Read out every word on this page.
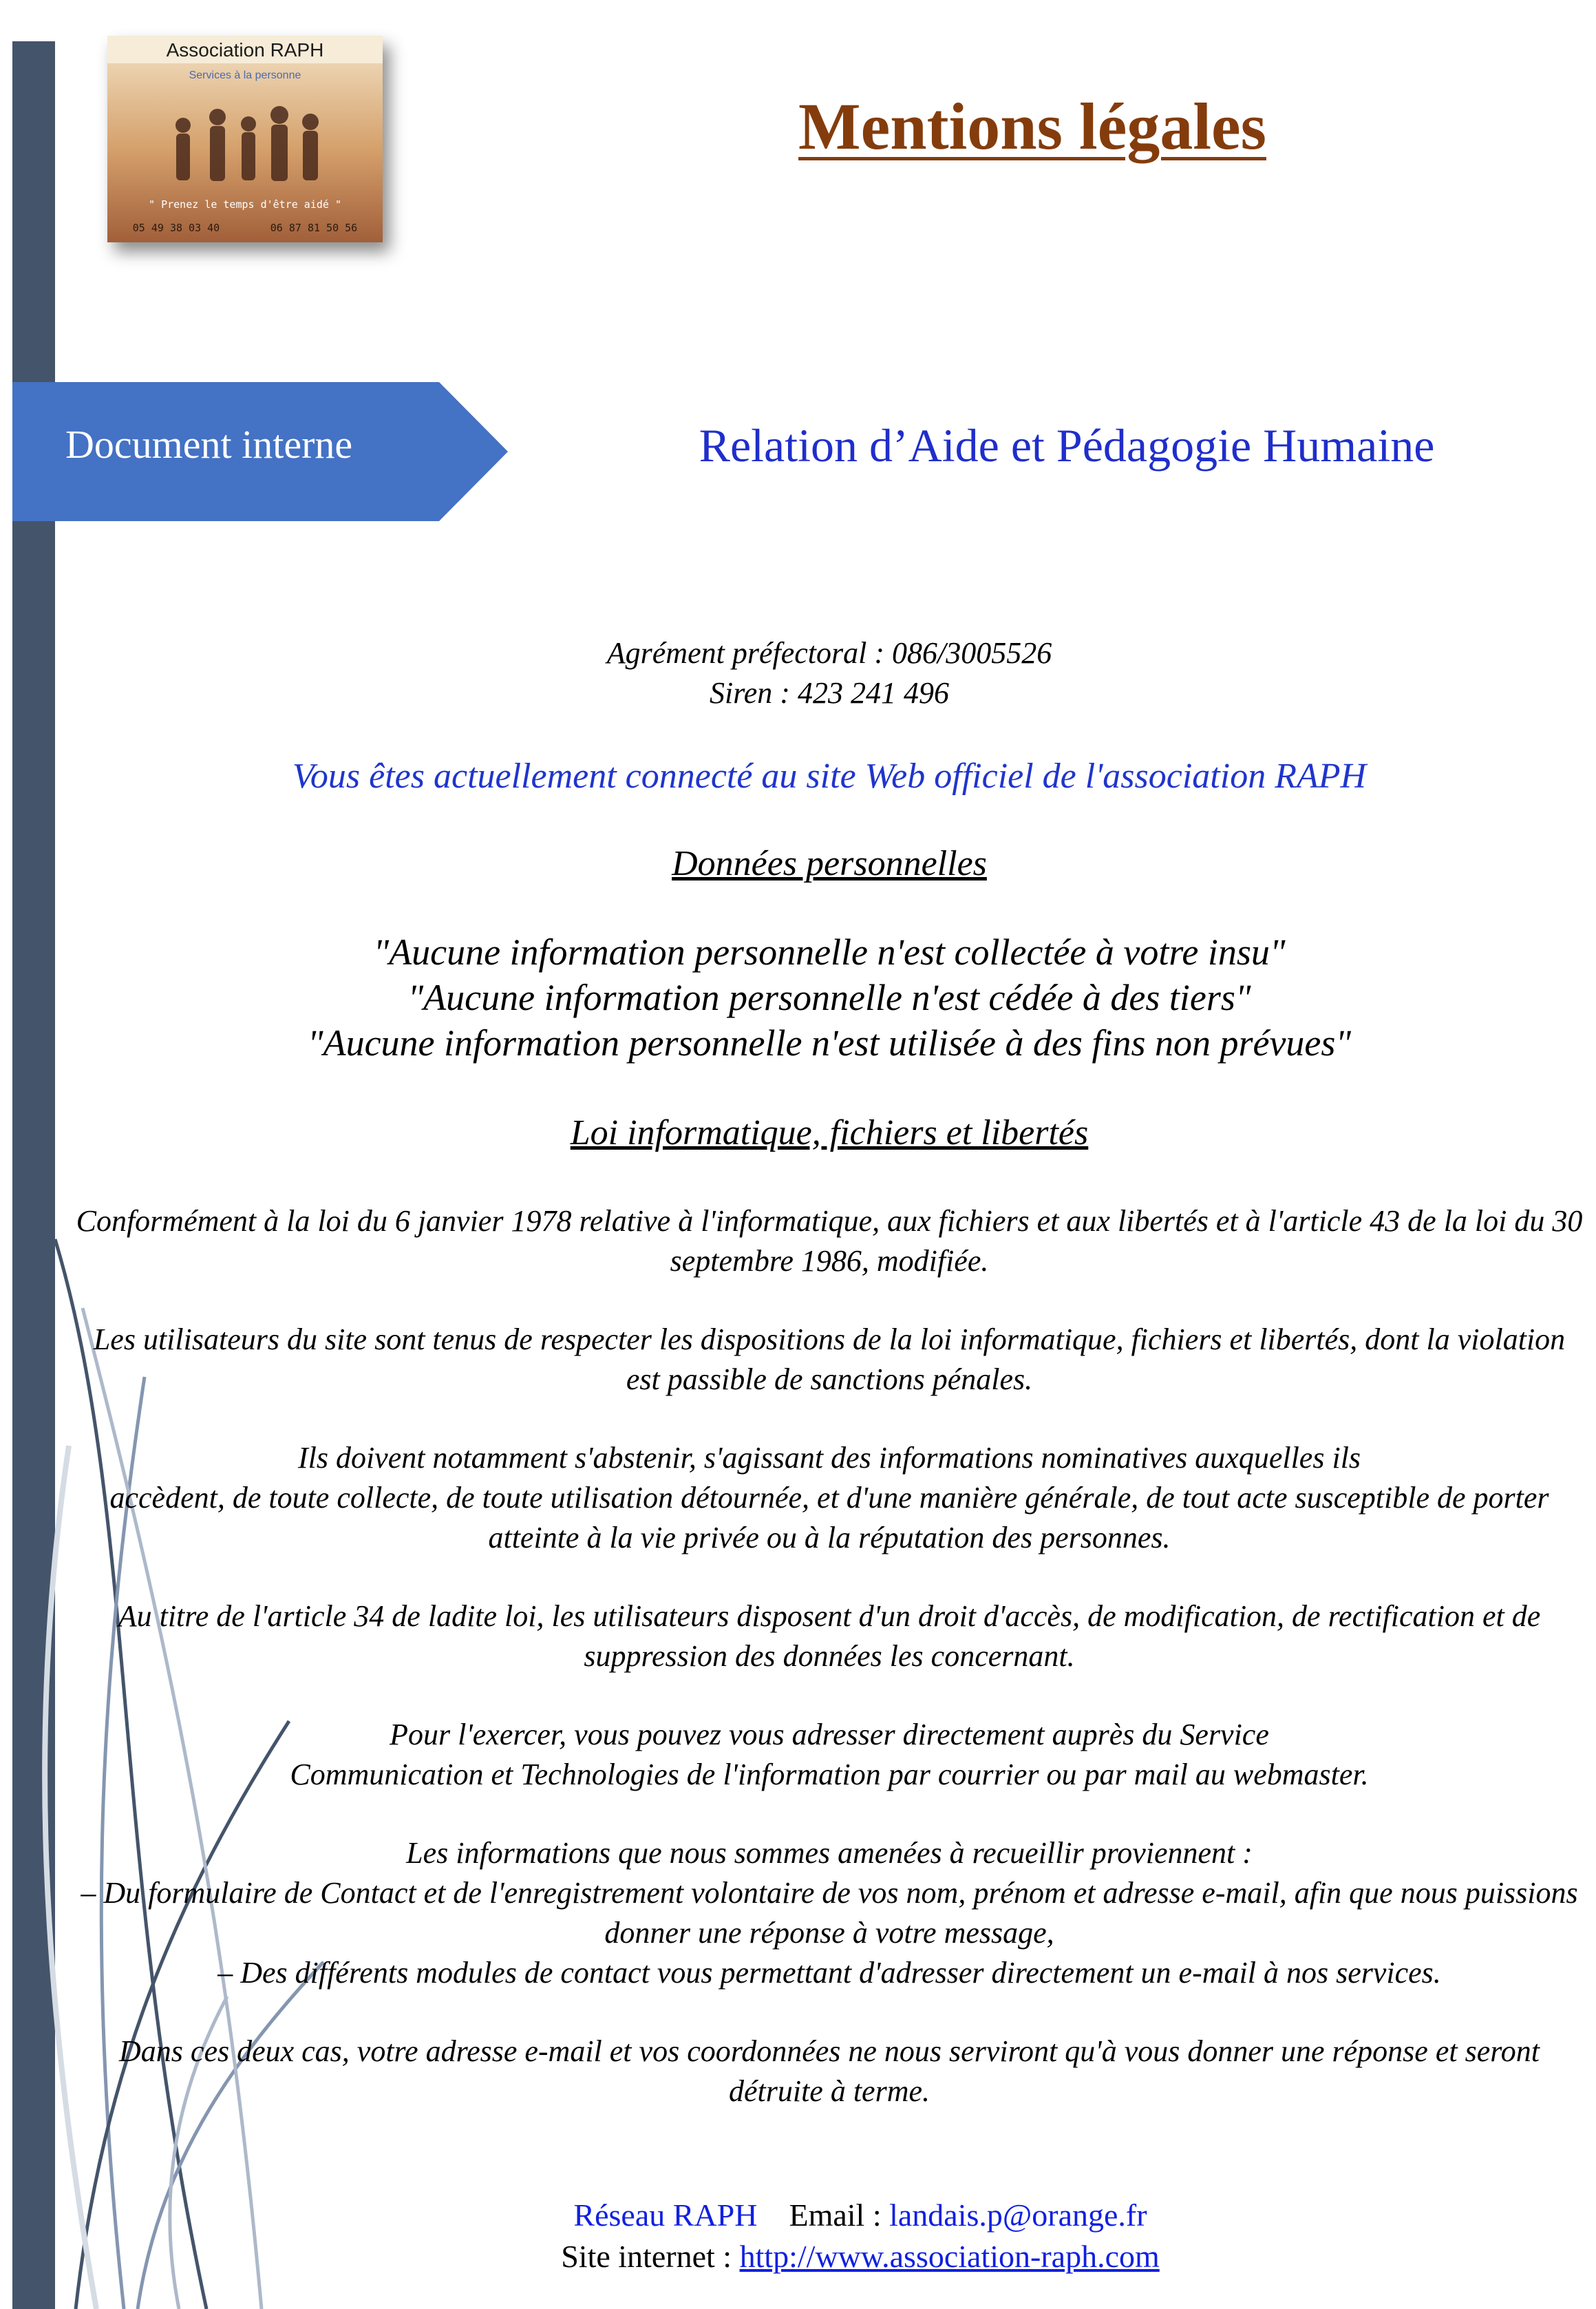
Association RAPH
Services à la personne
" Prenez le temps d'être aidé "
05 49 38 03 40	06 87 81 50 56
Mentions légales
Document interne	Relation d’Aide et Pédagogie Humaine

Agrément préfectoral : 086/3005526

Siren : 423 241 496

Vous êtes actuellement connecté au site Web officiel de l'association RAPH

Données personnelles

"Aucune information personnelle n'est collectée à votre insu"

"Aucune information personnelle n'est cédée à des tiers"

"Aucune information personnelle n'est utilisée à des fins non prévues"

Loi informatique, fichiers et libertés

Conformément à la loi du 6 janvier 1978 relative à l'informatique, aux fichiers et aux libertés et à l'article 43 de la loi du 30 septembre 1986, modifiée.

Les utilisateurs du site sont tenus de respecter les dispositions de la loi informatique, fichiers et libertés, dont la violation est passible de sanctions pénales.

Ils doivent notamment s'abstenir, s'agissant des informations nominatives auxquelles ils

accèdent, de toute collecte, de toute utilisation détournée, et d'une manière générale, de tout acte susceptible de porter atteinte à la vie privée ou à la réputation des personnes.

Au titre de l'article 34 de ladite loi, les utilisateurs disposent d'un droit d'accès, de modification, de rectification et de suppression des données les concernant.

Pour l'exercer, vous pouvez vous adresser directement auprès du Service

Communication et Technologies de l'information par courrier ou par mail au webmaster.

Les informations que nous sommes amenées à recueillir proviennent :

– Du formulaire de Contact et de l'enregistrement volontaire de vos nom, prénom et adresse e-mail, afin que nous puissions donner une réponse à votre message,

– Des différents modules de contact vous permettant d'adresser directement un e-mail à nos services.

Dans ces deux cas, votre adresse e-mail et vos coordonnées ne nous serviront qu'à vous donner une réponse et seront détruite à terme.

Réseau RAPH Email : landais.p@orange.fr
Site internet : http://www.association-raph.com
